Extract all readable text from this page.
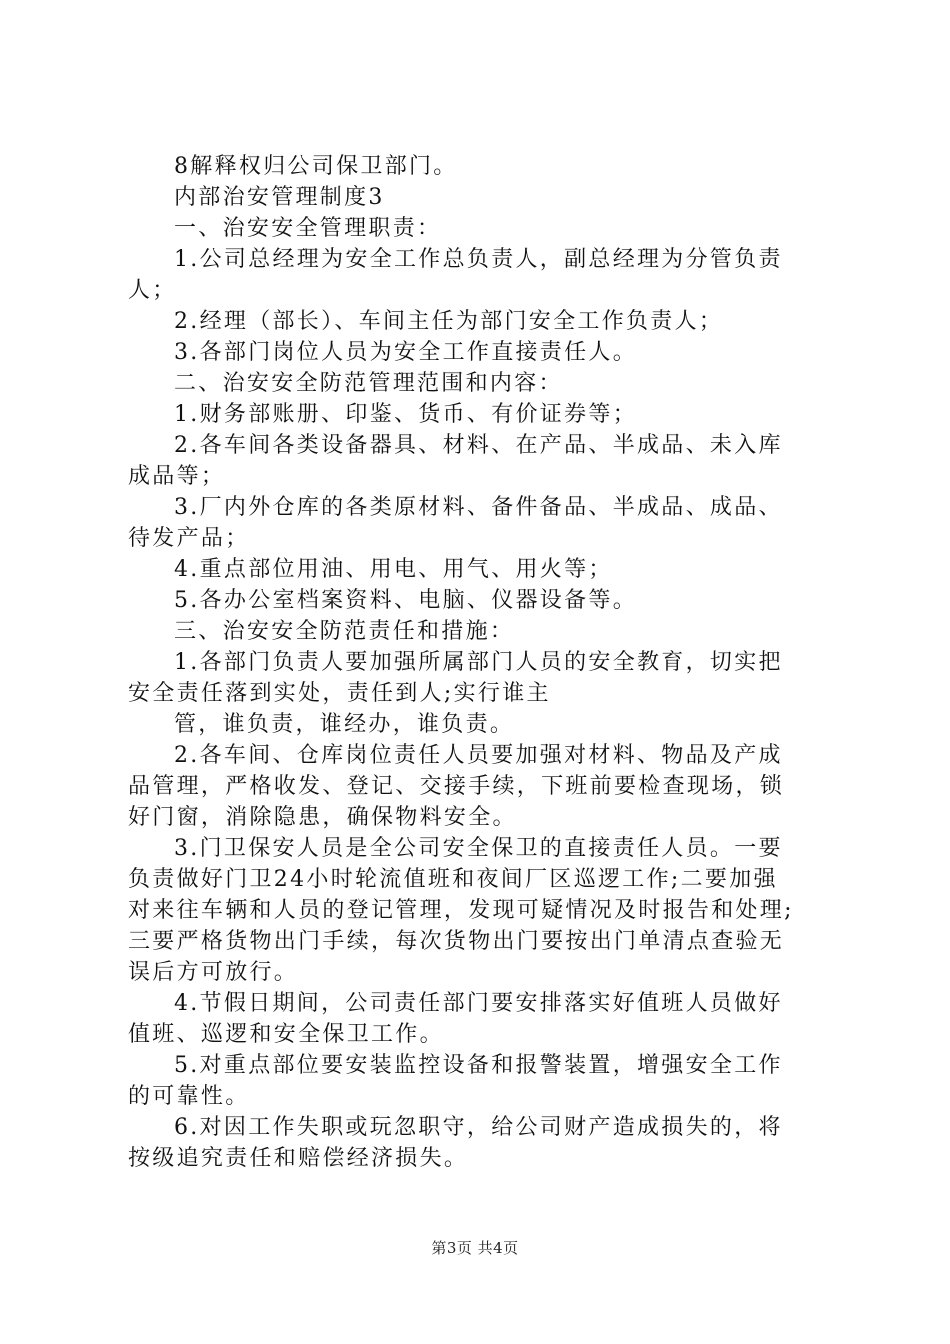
8解释权归公司保卫部门。
内部治安管理制度3
一、治安安全管理职责：
1.公司总经理为安全工作总负责人，副总经理为分管负责
人；
2.经理（部长）、车间主任为部门安全工作负责人；
3.各部门岗位人员为安全工作直接责任人。
二、治安安全防范管理范围和内容：
1.财务部账册、印鉴、货币、有价证券等；
2.各车间各类设备器具、材料、在产品、半成品、未入库
成品等；
3.厂内外仓库的各类原材料、备件备品、半成品、成品、
待发产品；
4.重点部位用油、用电、用气、用火等；
5.各办公室档案资料、电脑、仪器设备等。
三、治安安全防范责任和措施：
1.各部门负责人要加强所属部门人员的安全教育，切实把
安全责任落到实处，责任到人;实行谁主
管，谁负责，谁经办，谁负责。
2.各车间、仓库岗位责任人员要加强对材料、物品及产成
品管理，严格收发、登记、交接手续，下班前要检查现场，锁
好门窗，消除隐患，确保物料安全。
3.门卫保安人员是全公司安全保卫的直接责任人员。一要
负责做好门卫24小时轮流值班和夜间厂区巡逻工作;二要加强
对来往车辆和人员的登记管理，发现可疑情况及时报告和处理;
三要严格货物出门手续，每次货物出门要按出门单清点查验无
误后方可放行。
4.节假日期间，公司责任部门要安排落实好值班人员做好
值班、巡逻和安全保卫工作。
5.对重点部位要安装监控设备和报警装置，增强安全工作
的可靠性。
6.对因工作失职或玩忽职守，给公司财产造成损失的，将
按级追究责任和赔偿经济损失。
第3页 共4页
